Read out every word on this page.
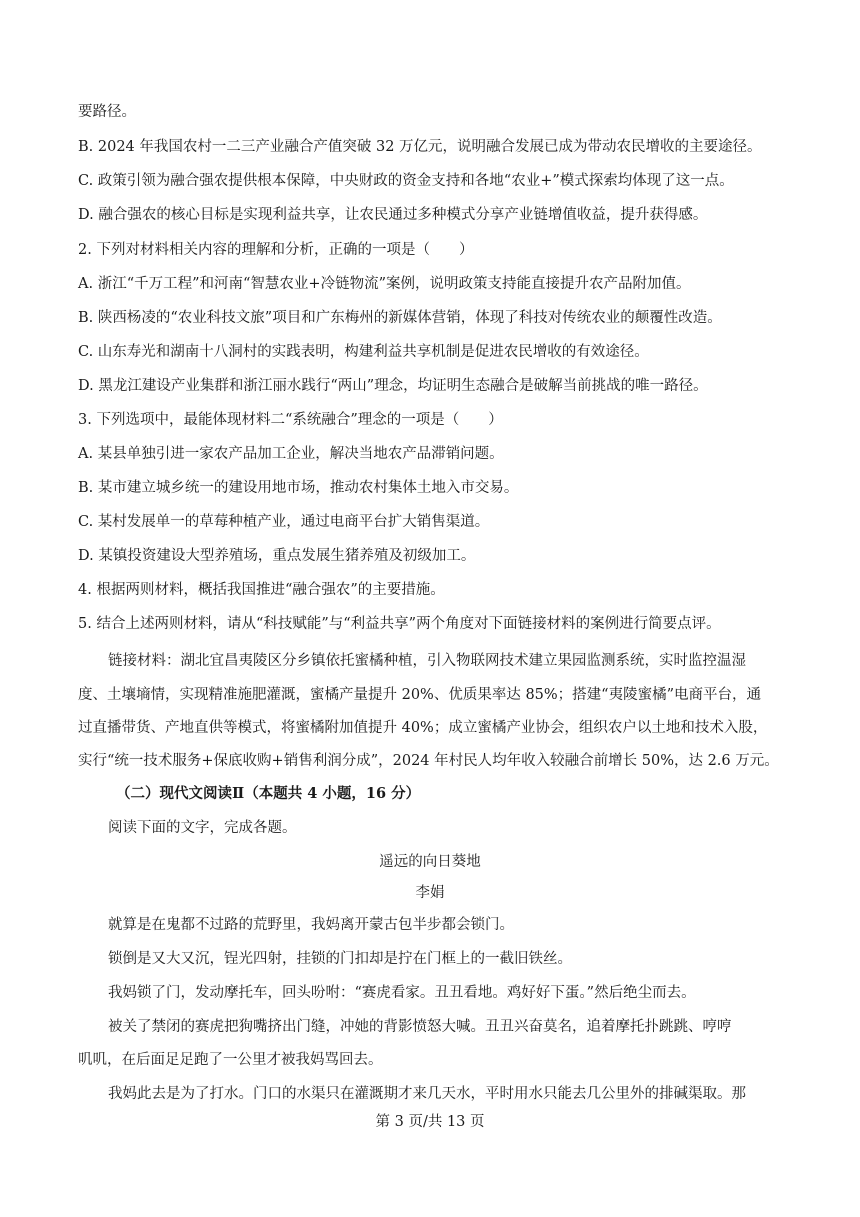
要路径。
B. 2024 年我国农村一二三产业融合产值突破 32 万亿元，说明融合发展已成为带动农民增收的主要途径。
C. 政策引领为融合强农提供根本保障，中央财政的资金支持和各地“农业+”模式探索均体现了这一点。
D. 融合强农的核心目标是实现利益共享，让农民通过多种模式分享产业链增值收益，提升获得感。
2. 下列对材料相关内容的理解和分析，正确的一项是（　　）
A. 浙江“千万工程”和河南“智慧农业+冷链物流”案例，说明政策支持能直接提升农产品附加值。
B. 陕西杨凌的“农业科技文旅”项目和广东梅州的新媒体营销，体现了科技对传统农业的颠覆性改造。
C. 山东寿光和湖南十八洞村的实践表明，构建利益共享机制是促进农民增收的有效途径。
D. 黑龙江建设产业集群和浙江丽水践行“两山”理念，均证明生态融合是破解当前挑战的唯一路径。
3. 下列选项中，最能体现材料二“系统融合”理念的一项是（　　）
A. 某县单独引进一家农产品加工企业，解决当地农产品滞销问题。
B. 某市建立城乡统一的建设用地市场，推动农村集体土地入市交易。
C. 某村发展单一的草莓种植产业，通过电商平台扩大销售渠道。
D. 某镇投资建设大型养殖场，重点发展生猪养殖及初级加工。
4. 根据两则材料，概括我国推进“融合强农”的主要措施。
5. 结合上述两则材料，请从“科技赋能”与“利益共享”两个角度对下面链接材料的案例进行简要点评。
链接材料：湖北宜昌夷陵区分乡镇依托蜜橘种植，引入物联网技术建立果园监测系统，实时监控温湿
度、土壤墒情，实现精准施肥灌溉，蜜橘产量提升 20%、优质果率达 85%；搭建“夷陵蜜橘”电商平台，通
过直播带货、产地直供等模式，将蜜橘附加值提升 40%；成立蜜橘产业协会，组织农户以土地和技术入股，
实行“统一技术服务+保底收购+销售利润分成”，2024 年村民人均年收入较融合前增长 50%，达 2.6 万元。
（二）现代文阅读Ⅱ（本题共 4 小题，16 分）
阅读下面的文字，完成各题。
遥远的向日葵地
李娟
就算是在鬼都不过路的荒野里，我妈离开蒙古包半步都会锁门。
锁倒是又大又沉，锃光四射，挂锁的门扣却是拧在门框上的一截旧铁丝。
我妈锁了门，发动摩托车，回头吩咐：“赛虎看家。丑丑看地。鸡好好下蛋。”然后绝尘而去。
被关了禁闭的赛虎把狗嘴挤出门缝，冲她的背影愤怒大喊。丑丑兴奋莫名，追着摩托扑跳跳、哼哼
叽叽，在后面足足跑了一公里才被我妈骂回去。
我妈此去是为了打水。门口的水渠只在灌溉期才来几天水，平时用水只能去几公里外的排碱渠取。那
第 3 页/共 13 页
